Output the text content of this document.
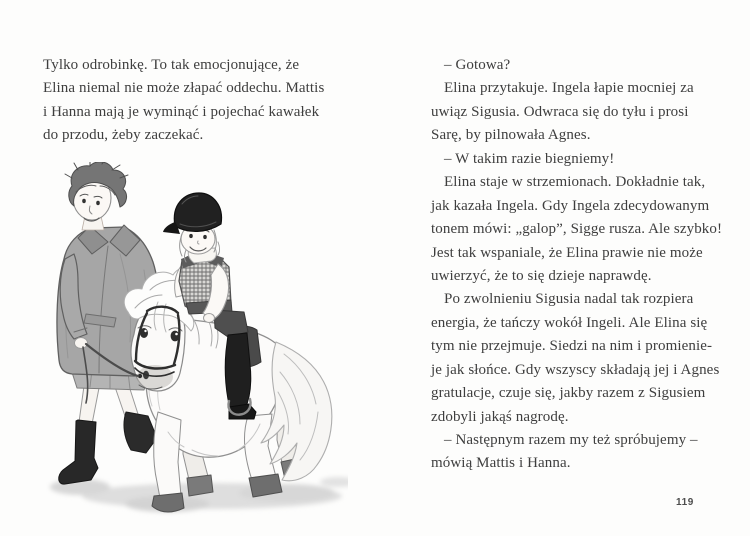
Tylko odrobinkę. To tak emocjonujące, że
Elina niemal nie może złapać oddechu. Mattis
i Hanna mają je wyminąć i pojechać kawałek
do przodu, żeby zaczekać.
– Gotowa?
Elina przytakuje. Ingela łapie mocniej za
uwiąz Sigusia. Odwraca się do tyłu i prosi
Sarę, by pilnowała Agnes.
– W takim razie biegniemy!
Elina staje w strzemionach. Dokładnie tak,
jak kazała Ingela. Gdy Ingela zdecydowanym
tonem mówi: „galop”, Sigge rusza. Ale szybko!
Jest tak wspaniale, że Elina prawie nie może
uwierzyć, że to się dzieje naprawdę.
Po zwolnieniu Sigusia nadal tak rozpiera
energia, że tańczy wokół Ingeli. Ale Elina się
tym nie przejmuje. Siedzi na nim i promienie-
je jak słońce. Gdy wszyscy składają jej i Agnes
gratulacje, czuje się, jakby razem z Sigusiem
zdobyli jakąś nagrodę.
– Następnym razem my też spróbujemy –
mówią Mattis i Hanna.
119
